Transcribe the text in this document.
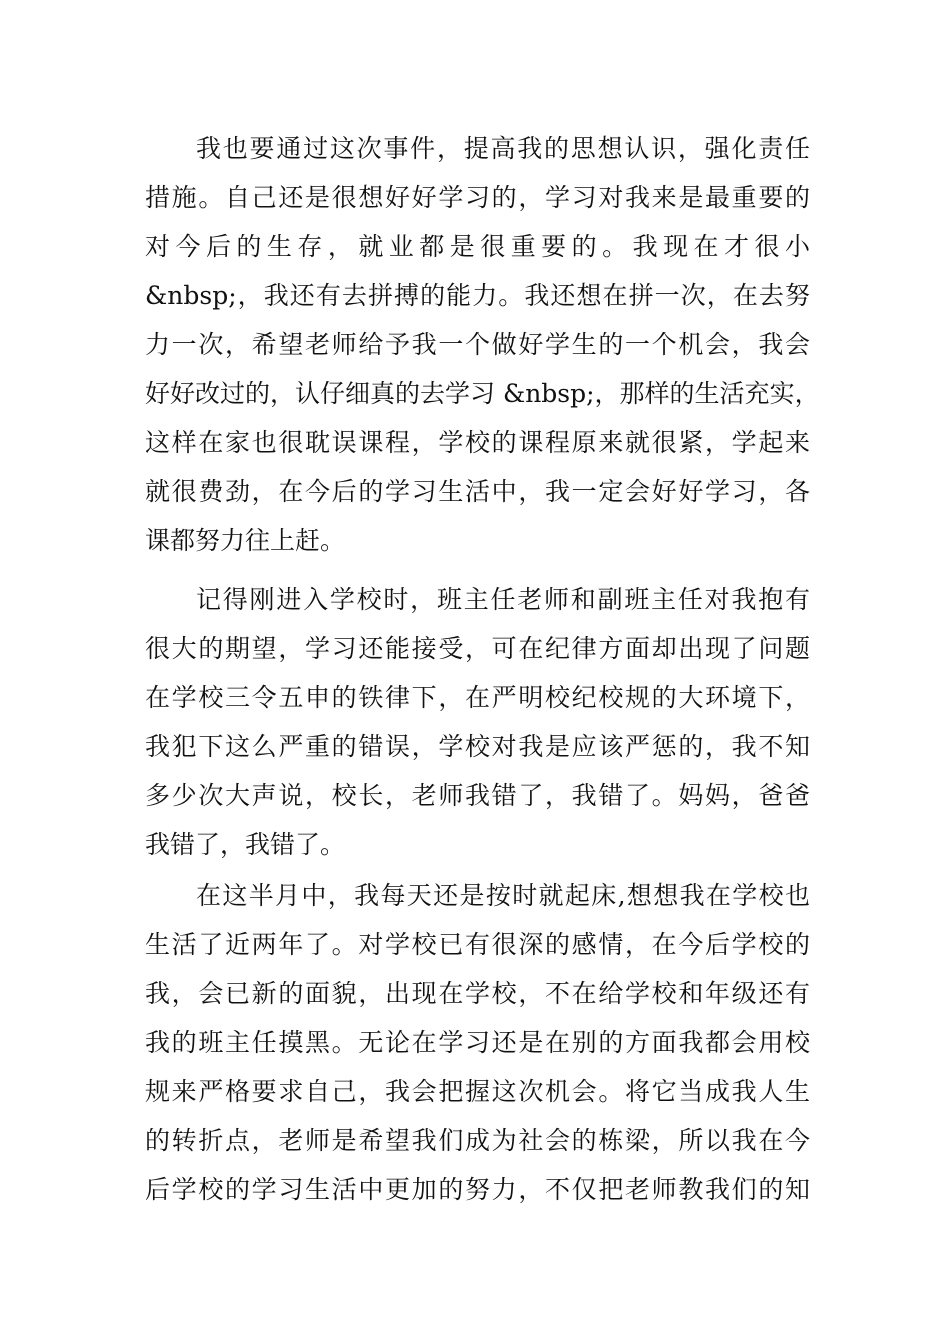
我也要通过这次事件，提高我的思想认识，强化责任
措施。自己还是很想好好学习的，学习对我来是最重要的
对今后的生存，就业都是很重要的。我现在才很小
&nbsp;，我还有去拼搏的能力。我还想在拼一次，在去努
力一次，希望老师给予我一个做好学生的一个机会，我会
好好改过的，认仔细真的去学习 &nbsp;，那样的生活充实，
这样在家也很耽误课程，学校的课程原来就很紧，学起来
就很费劲，在今后的学习生活中，我一定会好好学习，各
课都努力往上赶。
记得刚进入学校时，班主任老师和副班主任对我抱有
很大的期望，学习还能接受，可在纪律方面却出现了问题
在学校三令五申的铁律下，在严明校纪校规的大环境下，
我犯下这么严重的错误，学校对我是应该严惩的，我不知
多少次大声说，校长，老师我错了，我错了。妈妈，爸爸
我错了，我错了。
在这半月中，我每天还是按时就起床,想想我在学校也
生活了近两年了。对学校已有很深的感情，在今后学校的
我，会已新的面貌，出现在学校，不在给学校和年级还有
我的班主任摸黑。无论在学习还是在别的方面我都会用校
规来严格要求自己，我会把握这次机会。将它当成我人生
的转折点，老师是希望我们成为社会的栋梁，所以我在今
后学校的学习生活中更加的努力，不仅把老师教我们的知
